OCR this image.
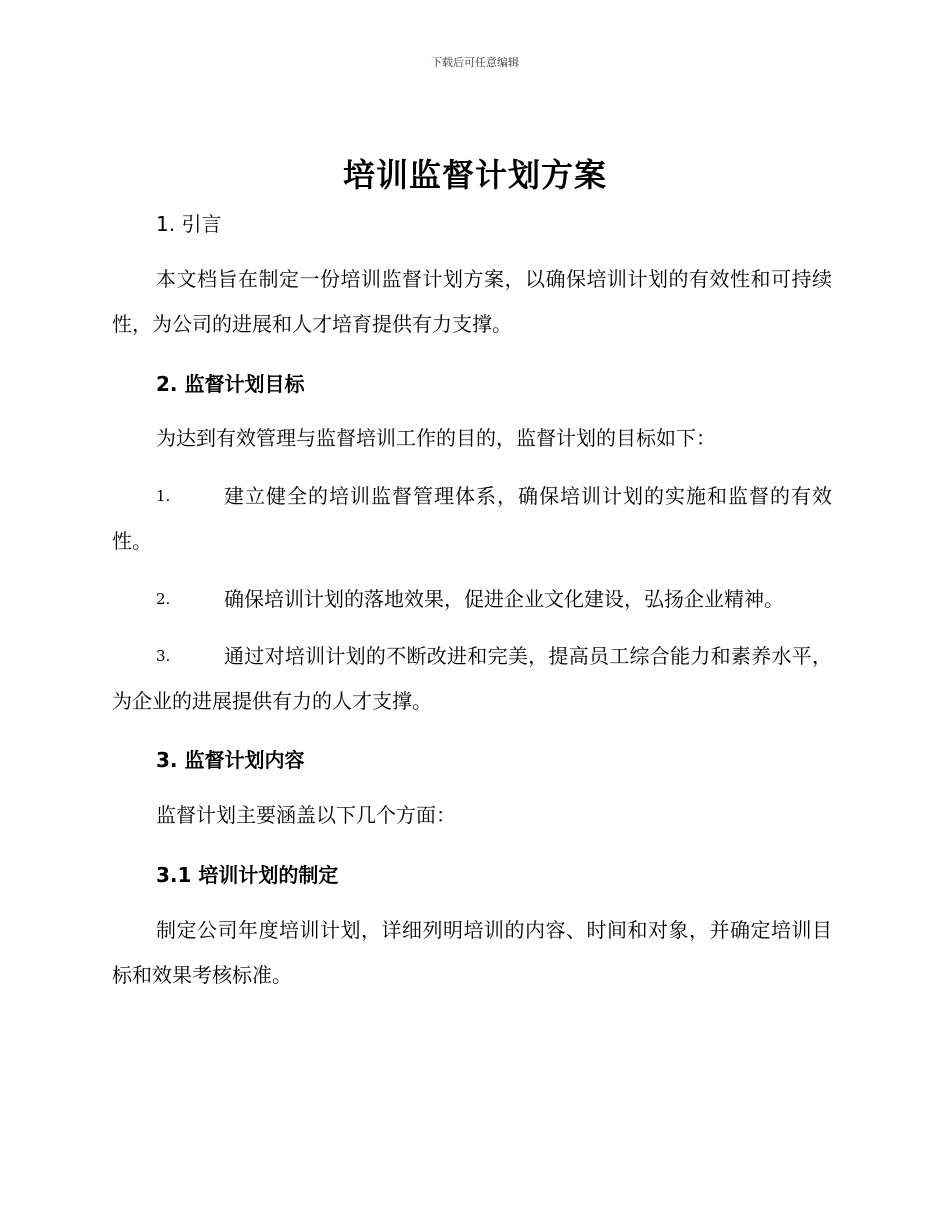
下载后可任意编辑
培训监督计划方案
1. 引言
本文档旨在制定一份培训监督计划方案，以确保培训计划的有效性和可持续性，为公司的进展和人才培育提供有力支撑。
2. 监督计划目标
为达到有效管理与监督培训工作的目的，监督计划的目标如下：
1.	建立健全的培训监督管理体系，确保培训计划的实施和监督的有效性。
2.	确保培训计划的落地效果，促进企业文化建设，弘扬企业精神。
3.	通过对培训计划的不断改进和完美，提高员工综合能力和素养水平，为企业的进展提供有力的人才支撑。
3. 监督计划内容
监督计划主要涵盖以下几个方面：
3.1 培训计划的制定
制定公司年度培训计划，详细列明培训的内容、时间和对象，并确定培训目标和效果考核标准。
